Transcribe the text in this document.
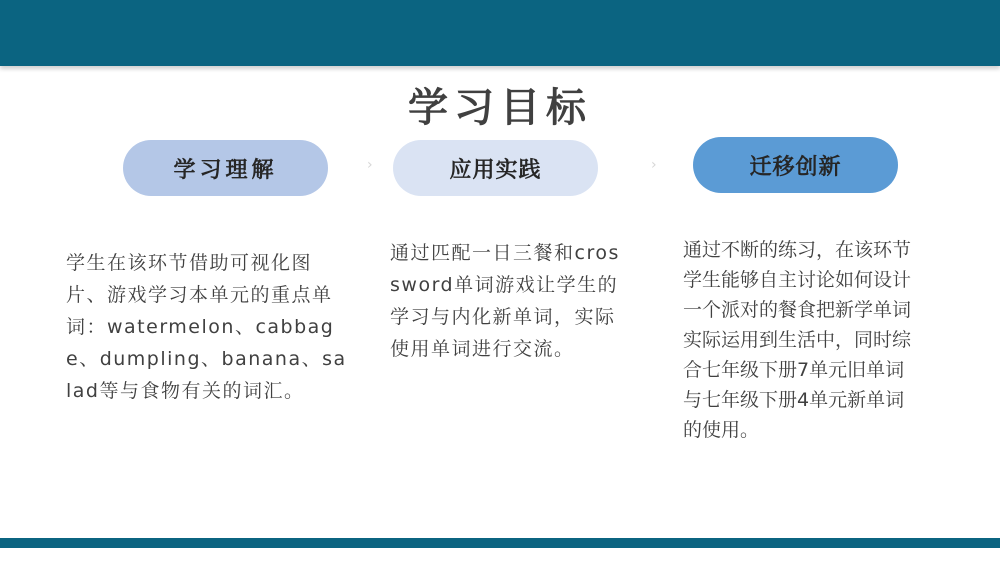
学习目标
学习理解	›	应用实践	›	迁移创新

学生在该环节借助可视化图片、游戏学习本单元的重点单词：watermelon、cabbage、dumpling、banana、salad等与食物有关的词汇。

通过匹配一日三餐和crossword单词游戏让学生的学习与内化新单词，实际使用单词进行交流。

通过不断的练习，在该环节学生能够自主讨论如何设计一个派对的餐食把新学单词实际运用到生活中，同时综合七年级下册7单元旧单词与七年级下册4单元新单词的使用。
